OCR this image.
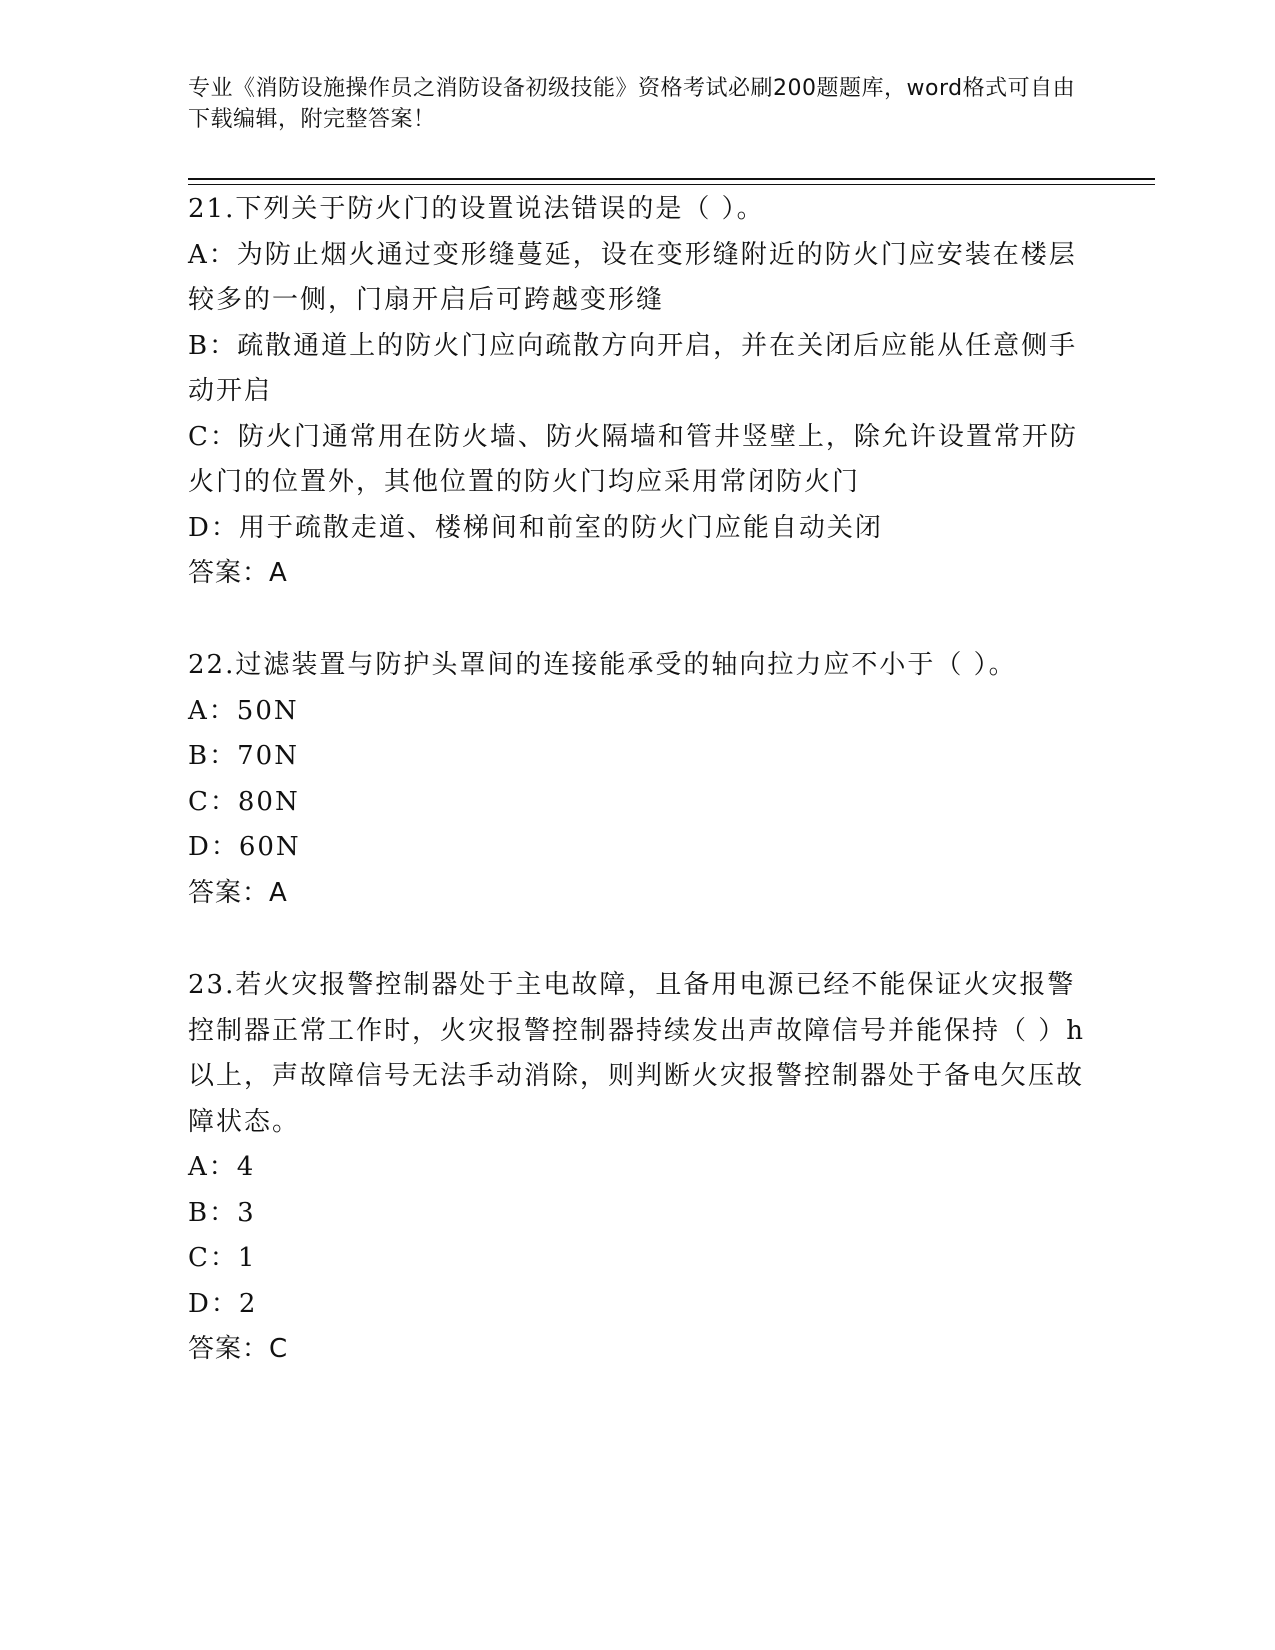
专业《消防设施操作员之消防设备初级技能》资格考试必刷200题题库，word格式可自由下载编辑，附完整答案！

21.下列关于防火门的设置说法错误的是（ ）。

A：为防止烟火通过变形缝蔓延，设在变形缝附近的防火门应安装在楼层较多的一侧，门扇开启后可跨越变形缝

B：疏散通道上的防火门应向疏散方向开启，并在关闭后应能从任意侧手动开启

C：防火门通常用在防火墙、防火隔墙和管井竖壁上，除允许设置常开防火门的位置外，其他位置的防火门均应采用常闭防火门

D：用于疏散走道、楼梯间和前室的防火门应能自动关闭

答案：A

22.过滤装置与防护头罩间的连接能承受的轴向拉力应不小于（ ）。

A：50N

B：70N

C：80N

D：60N

答案：A

23.若火灾报警控制器处于主电故障，且备用电源已经不能保证火灾报警控制器正常工作时，火灾报警控制器持续发出声故障信号并能保持（ ）h以上，声故障信号无法手动消除，则判断火灾报警控制器处于备电欠压故障状态。

A：4

B：3

C：1

D：2

答案：C
